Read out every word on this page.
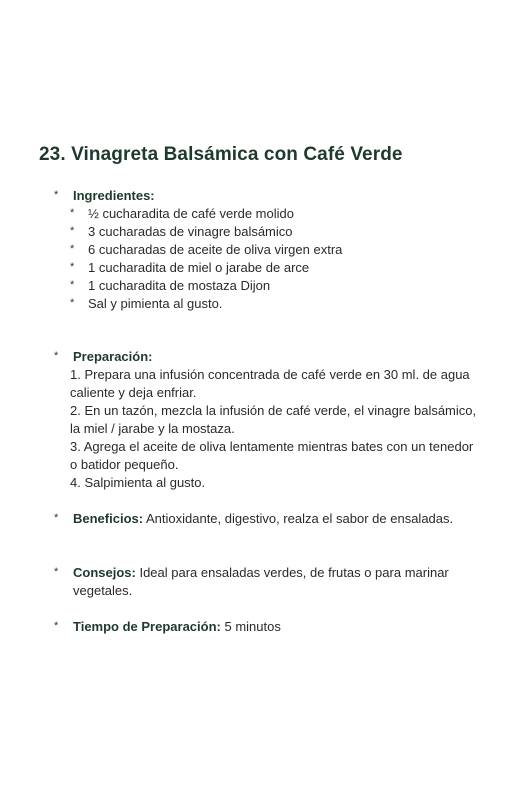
23. Vinagreta Balsámica con Café Verde
* Ingredientes:
* ½ cucharadita de café verde molido
* 3 cucharadas de vinagre balsámico
* 6 cucharadas de aceite de oliva virgen extra
* 1 cucharadita de miel o jarabe de arce
* 1 cucharadita de mostaza Dijon
* Sal y pimienta al gusto.
* Preparación:

1. Prepara una infusión concentrada de café verde en 30 ml. de agua caliente y deja enfriar.

2. En un tazón, mezcla la infusión de café verde, el vinagre balsámico, la miel / jarabe y la mostaza.

3. Agrega el aceite de oliva lentamente mientras bates con un tenedor o batidor pequeño.

4. Salpimienta al gusto.

* Beneficios: Antioxidante, digestivo, realza el sabor de ensaladas.
* Consejos: Ideal para ensaladas verdes, de frutas o para marinar vegetales.
* Tiempo de Preparación: 5 minutos
